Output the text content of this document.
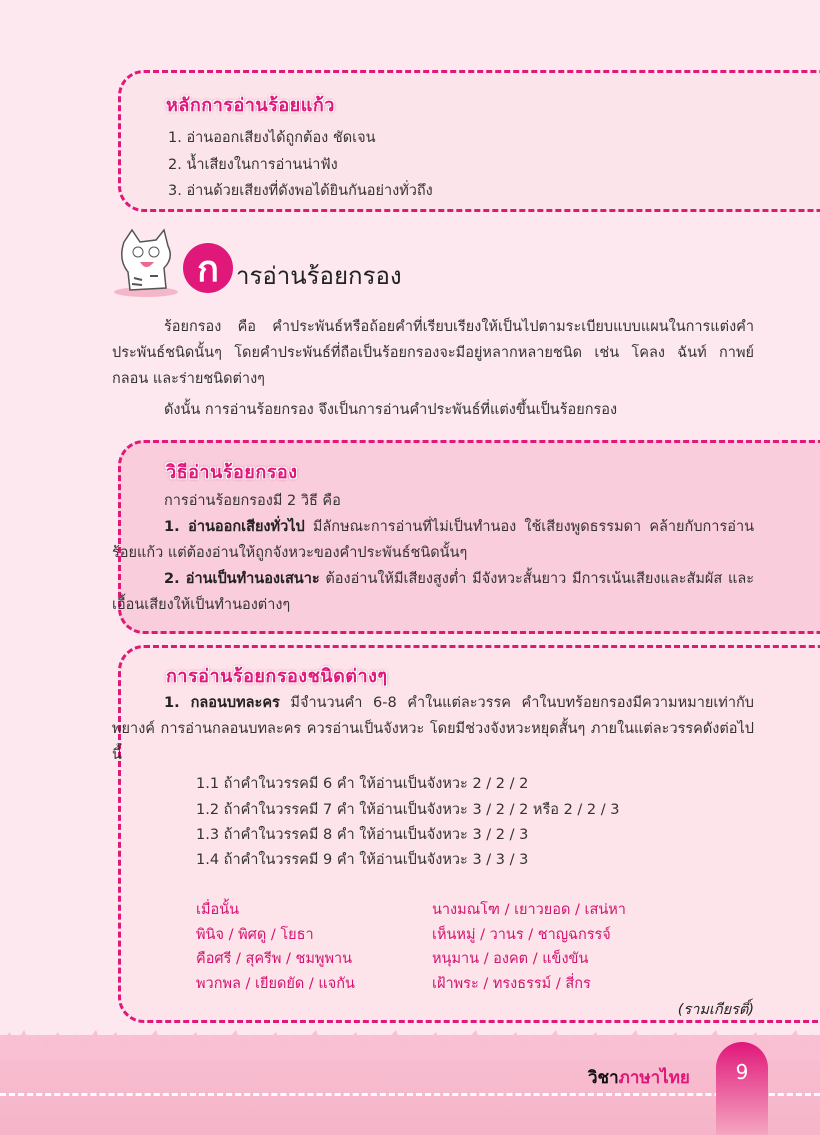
หลักการอ่านร้อยแก้ว
1. อ่านออกเสียงได้ถูกต้อง ชัดเจน
2. น้ำเสียงในการอ่านน่าฟัง
3. อ่านด้วยเสียงที่ดังพอได้ยินกันอย่างทั่วถึง
ก ารอ่านร้อยกรอง
ร้อยกรอง คือ คำประพันธ์หรือถ้อยคำที่เรียบเรียงให้เป็นไปตามระเบียบแบบแผนในการแต่งคำประพันธ์ชนิดนั้นๆ โดยคำประพันธ์ที่ถือเป็นร้อยกรองจะมีอยู่หลากหลายชนิด เช่น โคลง ฉันท์ กาพย์ กลอน และร่ายชนิดต่างๆ
ดังนั้น การอ่านร้อยกรอง จึงเป็นการอ่านคำประพันธ์ที่แต่งขึ้นเป็นร้อยกรอง
วิธีอ่านร้อยกรอง
การอ่านร้อยกรองมี 2 วิธี คือ
1. อ่านออกเสียงทั่วไป มีลักษณะการอ่านที่ไม่เป็นทำนอง ใช้เสียงพูดธรรมดา คล้ายกับการอ่านร้อยแก้ว แต่ต้องอ่านให้ถูกจังหวะของคำประพันธ์ชนิดนั้นๆ
2. อ่านเป็นทำนองเสนาะ ต้องอ่านให้มีเสียงสูงต่ำ มีจังหวะสั้นยาว มีการเน้นเสียงและสัมผัส และเอื้อนเสียงให้เป็นทำนองต่างๆ
การอ่านร้อยกรองชนิดต่างๆ
1. กลอนบทละคร มีจำนวนคำ 6-8 คำในแต่ละวรรค คำในบทร้อยกรองมีความหมายเท่ากับพยางค์ การอ่านกลอนบทละคร ควรอ่านเป็นจังหวะ โดยมีช่วงจังหวะหยุดสั้นๆ ภายในแต่ละวรรคดังต่อไปนี้
1.1 ถ้าคำในวรรคมี 6 คำ ให้อ่านเป็นจังหวะ 2 / 2 / 2
1.2 ถ้าคำในวรรคมี 7 คำ ให้อ่านเป็นจังหวะ 3 / 2 / 2 หรือ 2 / 2 / 3
1.3 ถ้าคำในวรรคมี 8 คำ ให้อ่านเป็นจังหวะ 3 / 2 / 3
1.4 ถ้าคำในวรรคมี 9 คำ ให้อ่านเป็นจังหวะ 3 / 3 / 3
เมื่อนั้น
พินิจ / พิศดู / โยธา
คือศรี / สุครีพ / ชมพูพาน
พวกพล / เยียดยัด / แจกัน
นางมณโฑ / เยาวยอด / เสน่หา
เห็นหมู่ / วานร / ชาญฉกรรจ์
หนุมาน / องคต / แข็งขัน
เฝ้าพระ / ทรงธรรม์ / สี่กร
(รามเกียรติ์)
วิชาภาษาไทย	9
